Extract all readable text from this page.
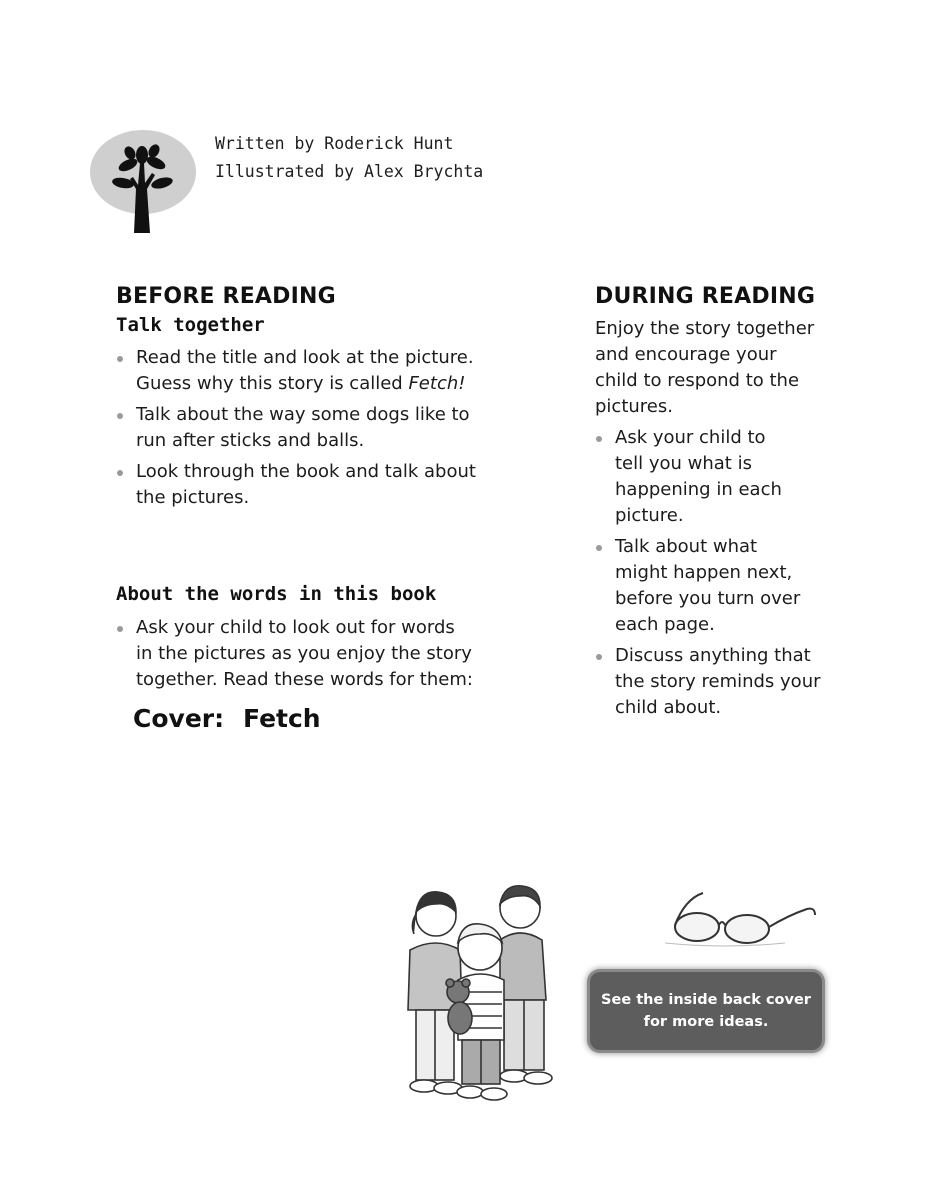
Written by Roderick Hunt
Illustrated by Alex Brychta
BEFORE READING
Talk together
Read the title and look at the picture.
Guess why this story is called Fetch!
Talk about the way some dogs like to
run after sticks and balls.
Look through the book and talk about
the pictures.
About the words in this book
Ask your child to look out for words
in the pictures as you enjoy the story
together. Read these words for them:
Cover: Fetch
DURING READING
Enjoy the story together
and encourage your
child to respond to the
pictures.
Ask your child to
tell you what is
happening in each
picture.
Talk about what
might happen next,
before you turn over
each page.
Discuss anything that
the story reminds your
child about.
See the inside back cover
for more ideas.
